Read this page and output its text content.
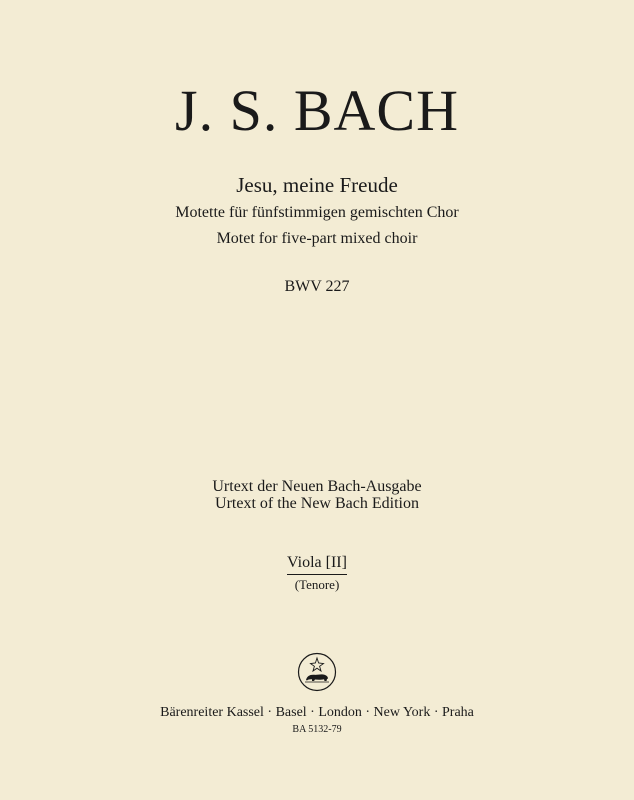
J. S. BACH
Jesu, meine Freude
Motette für fünfstimmigen gemischten Chor
Motet for five-part mixed choir
BWV 227
Urtext der Neuen Bach-Ausgabe
Urtext of the New Bach Edition
Viola [II]
(Tenore)
Bärenreiter Kassel · Basel · London · New York · Praha
BA 5132-79
